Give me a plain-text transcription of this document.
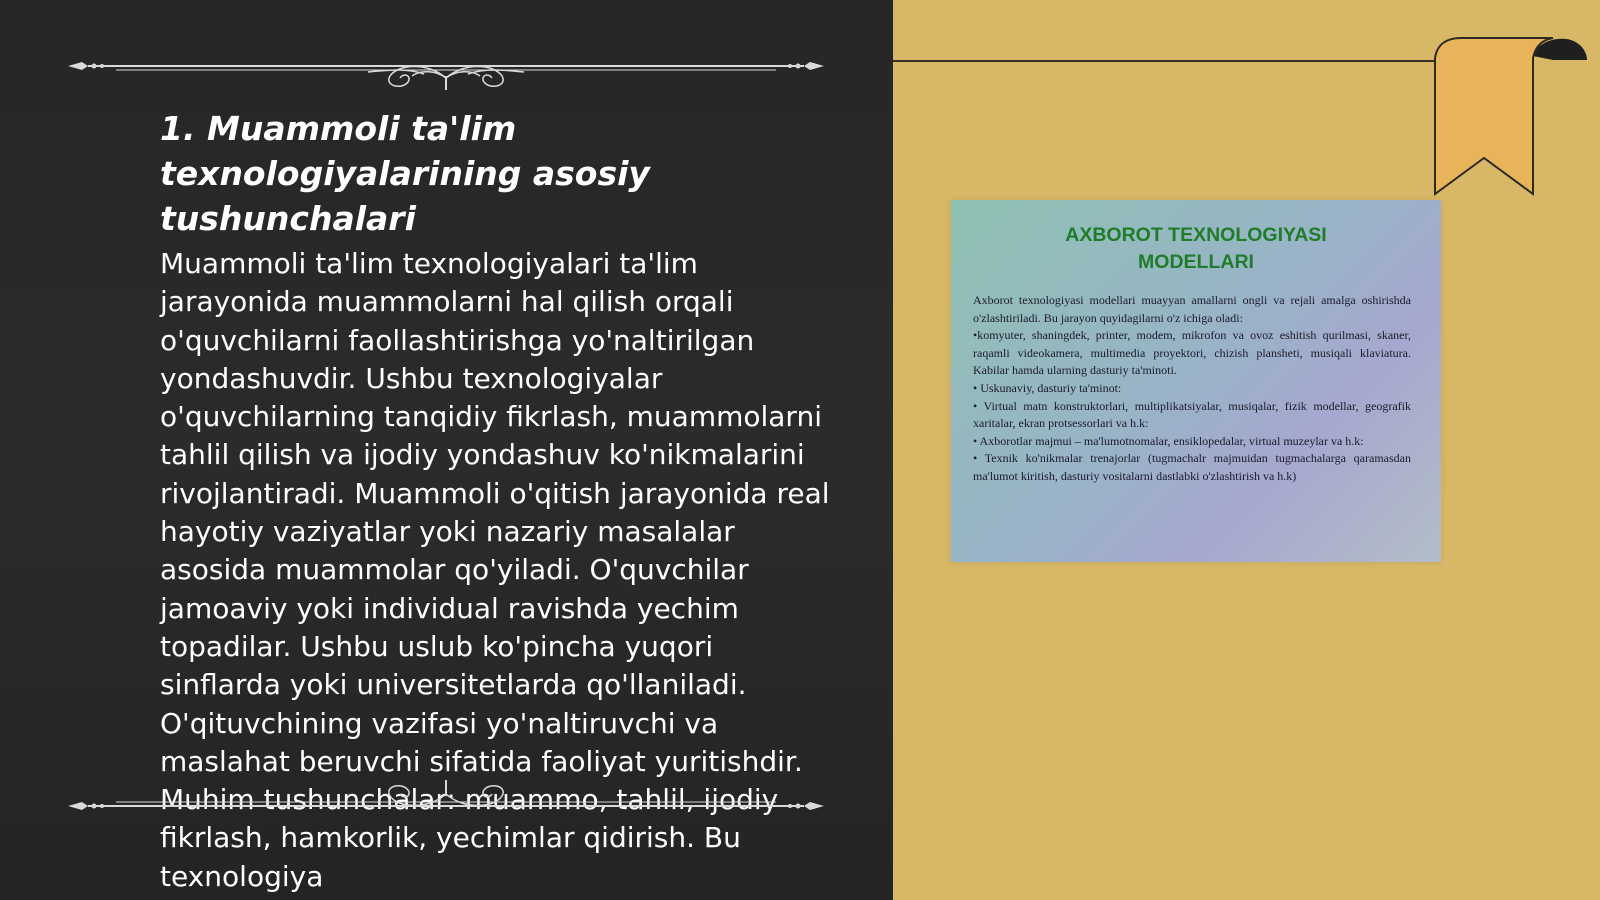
1. Muammoli ta'lim texnologiyalarining asosiy tushunchalari

Muammoli ta'lim texnologiyalari ta'lim jarayonida muammolarni hal qilish orqali o'quvchilarni faollashtirishga yo'naltirilgan yondashuvdir. Ushbu texnologiyalar o'quvchilarning tanqidiy fikrlash, muammolarni tahlil qilish va ijodiy yondashuv ko'nikmalarini rivojlantiradi. Muammoli o'qitish jarayonida real hayotiy vaziyatlar yoki nazariy masalalar asosida muammolar qo'yiladi. O'quvchilar jamoaviy yoki individual ravishda yechim topadilar. Ushbu uslub ko'pincha yuqori sinflarda yoki universitetlarda qo'llaniladi. O'qituvchining vazifasi yo'naltiruvchi va maslahat beruvchi sifatida faoliyat yuritishdir. Muhim tushunchalar: muammo, tahlil, ijodiy fikrlash, hamkorlik, yechimlar qidirish. Bu texnologiya

AXBOROT TEXNOLOGIYASI
MODELLARI

Axborot texnologiyasi modellari muayyan amallarni ongli va rejali amalga oshirishda o'zlashtiriladi. Bu jarayon quyidagilarni o'z ichiga oladi:

•komyuter, shaningdek, printer, modem, mikrofon va ovoz eshitish qurilmasi, skaner, raqamli videokamera, multimedia proyektori, chizish planshеti, musiqali klaviatura. Kabilar hamda ularning dasturiy ta'minoti.

• Uskunaviy, dasturiy ta'minot:

• Virtual matn konstruktorlari, multiplikatsiyalar, musiqalar, fizik modellar, geografik xaritalar, ekran protsessorlari va h.k:

• Axborotlar majmui – ma'lumotnomalar, ensiklopedalar, virtual muzeylar va h.k:

• Texnik ko'nikmalar trenajorlar (tugmachalr majmuidan tugmachalarga qaramasdan ma'lumot kiritish, dasturiy vositalarni dastlabki o'zlashtirish va h.k)
